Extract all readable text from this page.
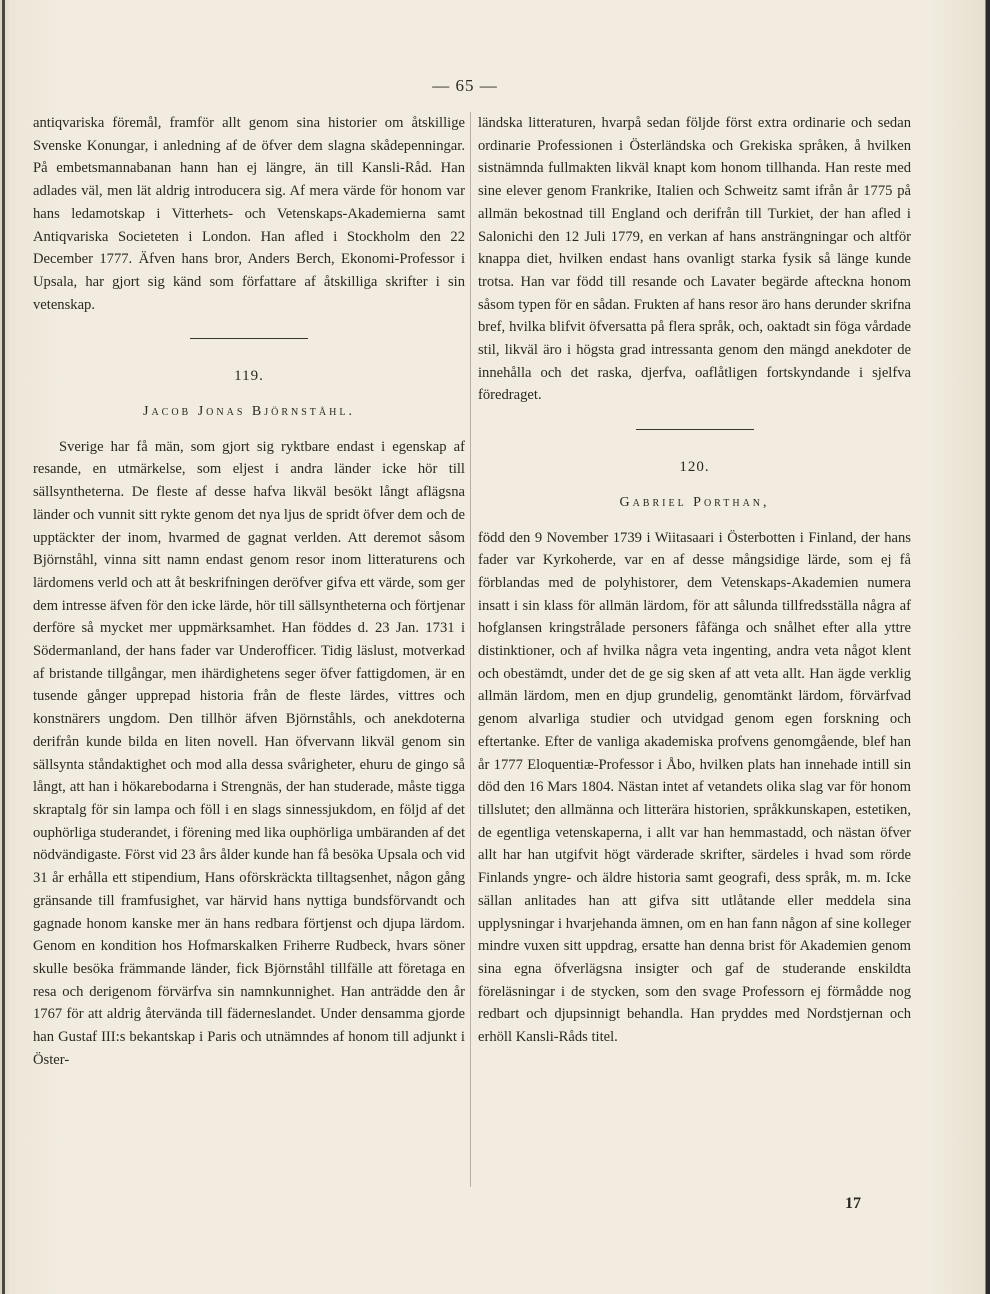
— 65 —

antiqvariska föremål, framför allt genom sina historier om åtskillige Svenske Konungar, i anledning af de öfver dem slagna skådepenningar. På embetsmannabanan hann han ej längre, än till Kansli-Råd. Han adlades väl, men lät aldrig introducera sig. Af mera värde för honom var hans ledamotskap i Vitterhets- och Vetenskaps-Akademierna samt Antiqvariska Societeten i London. Han afled i Stockholm den 22 December 1777. Äfven hans bror, Anders Berch, Ekonomi-Professor i Upsala, har gjort sig känd som författare af åtskilliga skrifter i sin vetenskap.

119.

Jacob Jonas Björnståhl.

Sverige har få män, som gjort sig ryktbare endast i egenskap af resande, en utmärkelse, som eljest i andra länder icke hör till sällsyntheterna. De fleste af desse hafva likväl besökt långt aflägsna länder och vunnit sitt rykte genom det nya ljus de spridt öfver dem och de upptäckter der inom, hvarmed de gagnat verlden. Att deremot såsom Björnståhl, vinna sitt namn endast genom resor inom litteraturens och lärdomens verld och att åt beskrifningen deröfver gifva ett värde, som ger dem intresse äfven för den icke lärde, hör till sällsyntheterna och förtjenar derföre så mycket mer uppmärksamhet. Han föddes d. 23 Jan. 1731 i Södermanland, der hans fader var Underofficer. Tidig läslust, motverkad af bristande tillgångar, men ihärdighetens seger öfver fattigdomen, är en tusende gånger upprepad historia från de fleste lärdes, vittres och konstnärers ungdom. Den tillhör äfven Björnståhls, och anekdoterna derifrån kunde bilda en liten novell. Han öfvervann likväl genom sin sällsynta ståndaktighet och mod alla dessa svårigheter, ehuru de gingo så långt, att han i hökarebodarna i Strengnäs, der han studerade, måste tigga skraptalg för sin lampa och föll i en slags sinnessjukdom, en följd af det ouphörliga studerandet, i förening med lika ouphörliga umbäranden af det nödvändigaste. Först vid 23 års ålder kunde han få besöka Upsala och vid 31 år erhålla ett stipendium, Hans oförskräckta tilltagsenhet, någon gång gränsande till framfusighet, var härvid hans nyttiga bundsförvandt och gagnade honom kanske mer än hans redbara förtjenst och djupa lärdom. Genom en kondition hos Hofmarskalken Friherre Rudbeck, hvars söner skulle besöka främmande länder, fick Björnståhl tillfälle att företaga en resa och derigenom förvärfva sin namnkunnighet. Han anträdde den år 1767 för att aldrig återvända till fäderneslandet. Under densamma gjorde han Gustaf III:s bekantskap i Paris och utnämndes af honom till adjunkt i Öster-

ländska litteraturen, hvarpå sedan följde först extra ordinarie och sedan ordinarie Professionen i Österländska och Grekiska språken, å hvilken sistnämnda fullmakten likväl knapt kom honom tillhanda. Han reste med sine elever genom Frankrike, Italien och Schweitz samt ifrån år 1775 på allmän bekostnad till England och derifrån till Turkiet, der han afled i Salonichi den 12 Juli 1779, en verkan af hans ansträngningar och altför knappa diet, hvilken endast hans ovanligt starka fysik så länge kunde trotsa. Han var född till resande och Lavater begärde afteckna honom såsom typen för en sådan. Frukten af hans resor äro hans derunder skrifna bref, hvilka blifvit öfversatta på flera språk, och, oaktadt sin föga vårdade stil, likväl äro i högsta grad intressanta genom den mängd anekdoter de innehålla och det raska, djerfva, oaflåtligen fortskyndande i sjelfva föredraget.

120.

Gabriel Porthan,

född den 9 November 1739 i Wiitasaari i Österbotten i Finland, der hans fader var Kyrkoherde, var en af desse mångsidige lärde, som ej få förblandas med de polyhistorer, dem Vetenskaps-Akademien numera insatt i sin klass för allmän lärdom, för att sålunda tillfredsställa några af hofglansen kringstrålade personers fåfänga och snålhet efter alla yttre distinktioner, och af hvilka några veta ingenting, andra veta något klent och obestämdt, under det de ge sig sken af att veta allt. Han ägde verklig allmän lärdom, men en djup grundelig, genomtänkt lärdom, förvärfvad genom alvarliga studier och utvidgad genom egen forskning och eftertanke. Efter de vanliga akademiska profvens genomgående, blef han år 1777 Eloquentiæ-Professor i Åbo, hvilken plats han innehade intill sin död den 16 Mars 1804. Nästan intet af vetandets olika slag var för honom tillslutet; den allmänna och litterära historien, språkkunskapen, estetiken, de egentliga vetenskaperna, i allt var han hemmastadd, och nästan öfver allt har han utgifvit högt värderade skrifter, särdeles i hvad som rörde Finlands yngre- och äldre historia samt geografi, dess språk, m. m. Icke sällan anlitades han att gifva sitt utlåtande eller meddela sina upplysningar i hvarjehanda ämnen, om en han fann någon af sine kolleger mindre vuxen sitt uppdrag, ersatte han denna brist för Akademien genom sina egna öfverlägsna insigter och gaf de studerande enskildta föreläsningar i de stycken, som den svage Professorn ej förmådde nog redbart och djupsinnigt behandla. Han pryddes med Nordstjernan och erhöll Kansli-Råds titel.

17
